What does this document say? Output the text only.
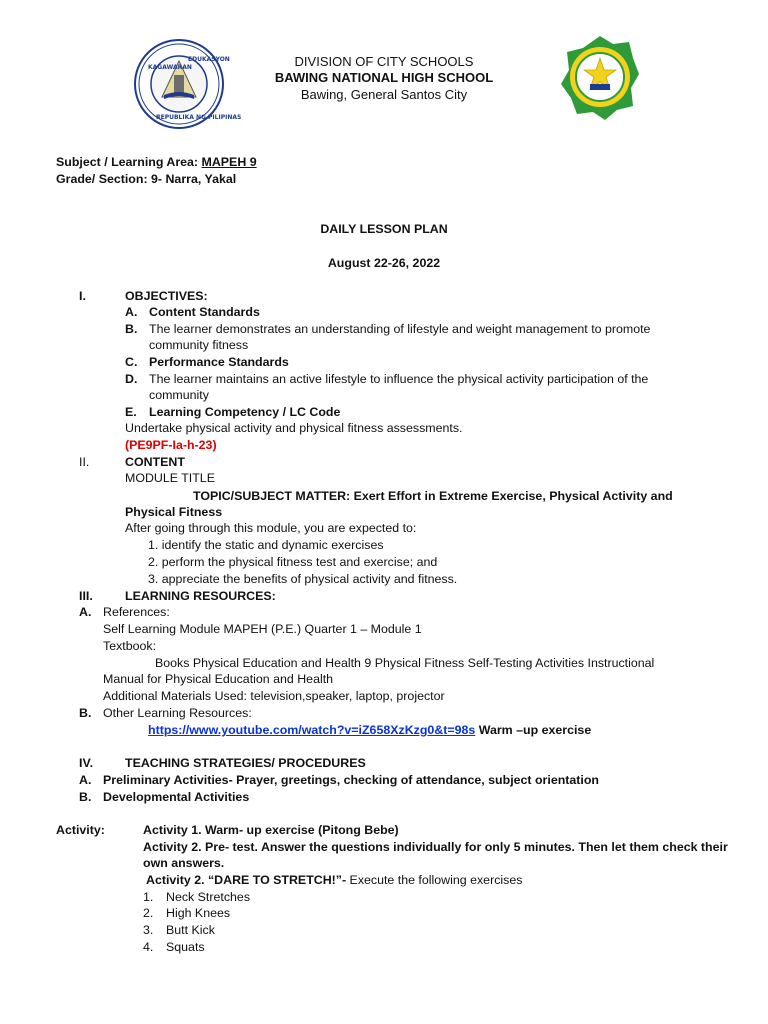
KAGAWARAN
EDUKASYON
REPUBLIKA NG PILIPINAS
DIVISION OF CITY SCHOOLS
BAWING NATIONAL HIGH SCHOOL
Bawing, General Santos City
Subject / Learning Area: MAPEH 9
Grade/ Section: 9- Narra, Yakal
DAILY LESSON PLAN
August 22-26, 2022
I.	OBJECTIVES:
A. Content Standards
B. The learner demonstrates an understanding of lifestyle and weight management to promote
community fitness
C. Performance Standards
D. The learner maintains an active lifestyle to influence the physical activity participation of the
community
E. Learning Competency / LC Code
Undertake physical activity and physical fitness assessments.
(PE9PF-Ia-h-23)
II.	CONTENT
MODULE TITLE
TOPIC/SUBJECT MATTER: Exert Effort in Extreme Exercise, Physical Activity and
Physical Fitness
After going through this module, you are expected to:
1. identify the static and dynamic exercises
2. perform the physical fitness test and exercise; and
3. appreciate the benefits of physical activity and fitness.
III.	LEARNING RESOURCES:
A. References:
Self Learning Module MAPEH (P.E.) Quarter 1 – Module 1
Textbook:
Books Physical Education and Health 9 Physical Fitness Self-Testing Activities Instructional
Manual for Physical Education and Health
Additional Materials Used: television,speaker, laptop, projector
B. Other Learning Resources:
https://www.youtube.com/watch?v=iZ658XzKzg0&t=98s Warm –up exercise
IV.	TEACHING STRATEGIES/ PROCEDURES
A. Preliminary Activities- Prayer, greetings, checking of attendance, subject orientation
B. Developmental Activities
Activity:	Activity 1. Warm- up exercise (Pitong Bebe)
Activity 2. Pre- test. Answer the questions individually for only 5 minutes. Then let them check their
own answers.
Activity 2. “DARE TO STRETCH!”- Execute the following exercises
1. Neck Stretches
2. High Knees
3. Butt Kick
4. Squats
